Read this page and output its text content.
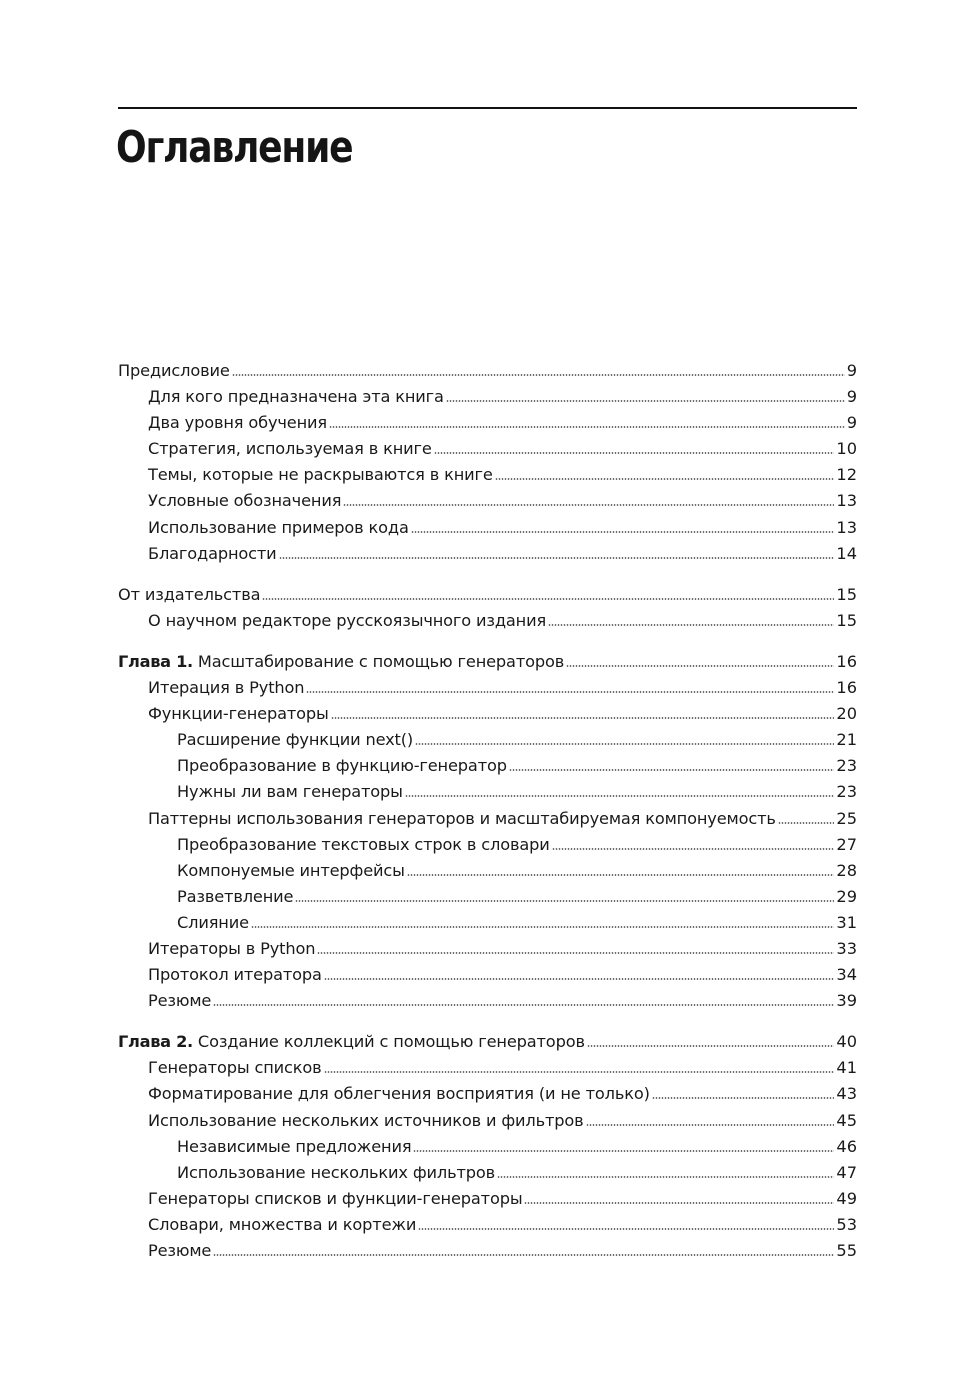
Оглавление
Предисловие	9
Для кого предназначена эта книга	9
Два уровня обучения	9
Стратегия, используемая в книге	10
Темы, которые не раскрываются в книге	12
Условные обозначения	13
Использование примеров кода	13
Благодарности	14
От издательства	15
О научном редакторе русскоязычного издания	15
Глава 1. Масштабирование с помощью генераторов	16
Итерация в Python	16
Функции-генераторы	20
Расширение функции next()	21
Преобразование в функцию-генератор	23
Нужны ли вам генераторы	23
Паттерны использования генераторов и масштабируемая компонуемость	25
Преобразование текстовых строк в словари	27
Компонуемые интерфейсы	28
Разветвление	29
Слияние	31
Итераторы в Python	33
Протокол итератора	34
Резюме	39
Глава 2. Создание коллекций с помощью генераторов	40
Генераторы списков	41
Форматирование для облегчения восприятия (и не только)	43
Использование нескольких источников и фильтров	45
Независимые предложения	46
Использование нескольких фильтров	47
Генераторы списков и функции-генераторы	49
Словари, множества и кортежи	53
Резюме	55
